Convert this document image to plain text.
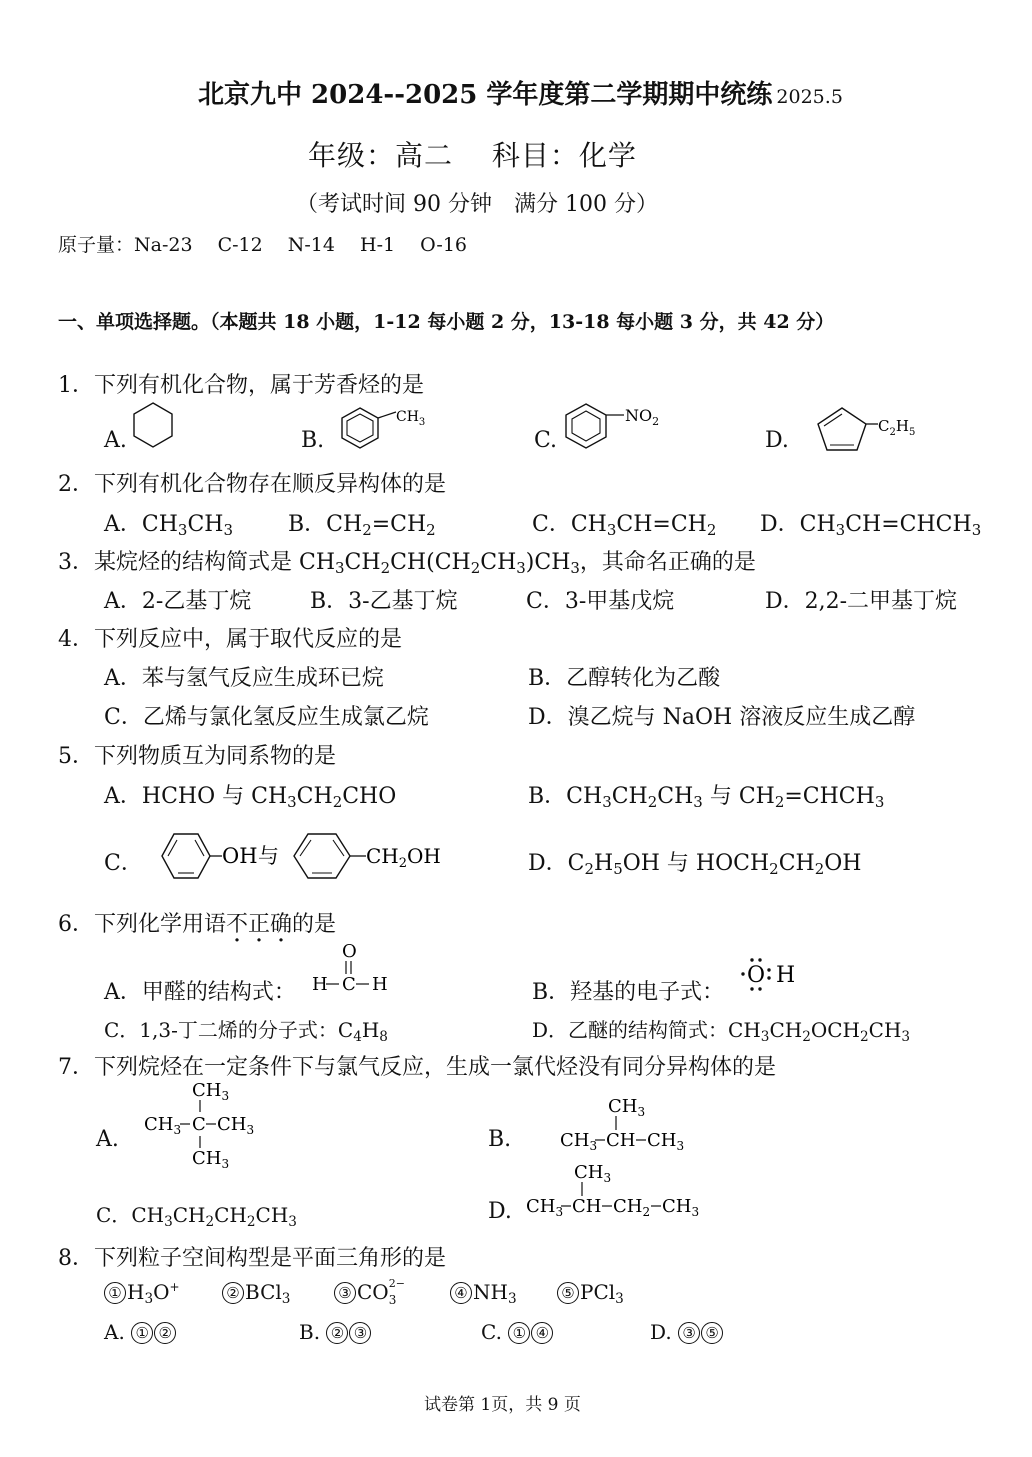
北京九中 2024--2025 学年度第二学期期中统练 2025.5
年级：高二　 科目：化学
（考试时间 90 分钟　满分 100 分）
原子量：Na-23　 C-12　 N-14　 H-1　 O-16
一、单项选择题。（本题共 18 小题，1-12 每小题 2 分，13-18 每小题 3 分，共 42 分）
1．下列有机化合物，属于芳香烃的是
A.	B.
$CH_3$
C.
$NO_2$
D.
$C_2H_5$
2．下列有机化合物存在顺反异构体的是
A．$CH_3CH_3$	B．$CH_2=CH_2$	C．$CH_3CH=CH_2$ D．$CH_3CH=CHCH_3$
3．某烷烃的结构简式是 $CH_3CH_2CH(CH_2CH_3)CH_3$，其命名正确的是
A．2-乙基丁烷	B．3-乙基丁烷	C．3-甲基戊烷	D．2,2-二甲基丁烷
4．下列反应中，属于取代反应的是
A．苯与氢气反应生成环已烷	B．乙醇转化为乙酸
C．乙烯与氯化氢反应生成氯乙烷	D．溴乙烷与 NaOH 溶液反应生成乙醇
5．下列物质互为同系物的是
A．HCHO 与 $CH_3CH_2CHO$	B．$CH_3CH_2CH_3$ 与 $CH_2=CHCH_3$
C．	OH 与	$CH_2OH$	D．$C_2H_5OH$ 与 $HOCH_2CH_2OH$
6．下列化学用语不正确的是
A．甲醛的结构式：
O
H C H	B．羟基的电子式：
O H
C．1,3-丁二烯的分子式：$C_4H_8$	D．乙醚的结构简式：$CH_3CH_2OCH_2CH_3$
7．下列烷烃在一定条件下与氯气反应，生成一氯代烃没有同分异构体的是
A.
$CH_3$
$CH_3$ C $CH_3$
$CH_3$
B.
$CH_3$
$CH_3$ CH $CH_3$
C．$CH_3CH_2CH_2CH_3$	D.
$CH_3$
$CH_3$ CH $CH_2$ $CH_3$
8．下列粒子空间构型是平面三角形的是
① $H_3O^+$	② BCl$_3$	③ CO 2−
3	④ $NH_3$	⑤ PCl$_3$
A. ① ②	B. ② ③	C. ① ④	D. ③ ⑤
试卷第 1页，共 9 页
